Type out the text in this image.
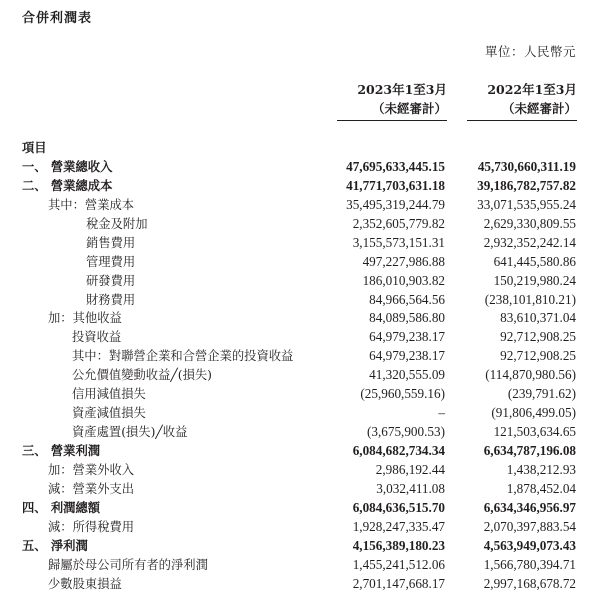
合併利潤表
單位：人民幣元
2023年1至3月
（未經審計）
2022年1至3月
（未經審計）
項目
一、 營業總收入	47,695,633,445.15 45,730,660,311.19
二、 營業總成本	41,771,703,631.18 39,186,782,757.82
其中：營業成本	35,495,319,244.79 33,071,535,955.24
稅金及附加	2,352,605,779.82	2,629,330,809.55
銷售費用	3,155,573,151.31	2,932,352,242.14
管理費用	497,227,986.88	641,445,580.86
研發費用	186,010,903.82	150,219,980.24
財務費用	84,966,564.56	(238,101,810.21)
加：其他收益	84,089,586.80	83,610,371.04
投資收益	64,979,238.17	92,712,908.25
其中：對聯營企業和合營企業的投資收益	64,979,238.17	92,712,908.25
公允價值變動收益╱(損失)	41,320,555.09	(114,870,980.56)
信用減值損失	(25,960,559.16)	(239,791.62)
資產減值損失	–	(91,806,499.05)
資產處置(損失)╱收益	(3,675,900.53)	121,503,634.65
三、 營業利潤	6,084,682,734.34	6,634,787,196.08
加：營業外收入	2,986,192.44	1,438,212.93
減：營業外支出	3,032,411.08	1,878,452.04
四、 利潤總額	6,084,636,515.70	6,634,346,956.97
減：所得稅費用	1,928,247,335.47	2,070,397,883.54
五、 淨利潤	4,156,389,180.23	4,563,949,073.43
歸屬於母公司所有者的淨利潤	1,455,241,512.06	1,566,780,394.71
少數股東損益	2,701,147,668.17	2,997,168,678.72
